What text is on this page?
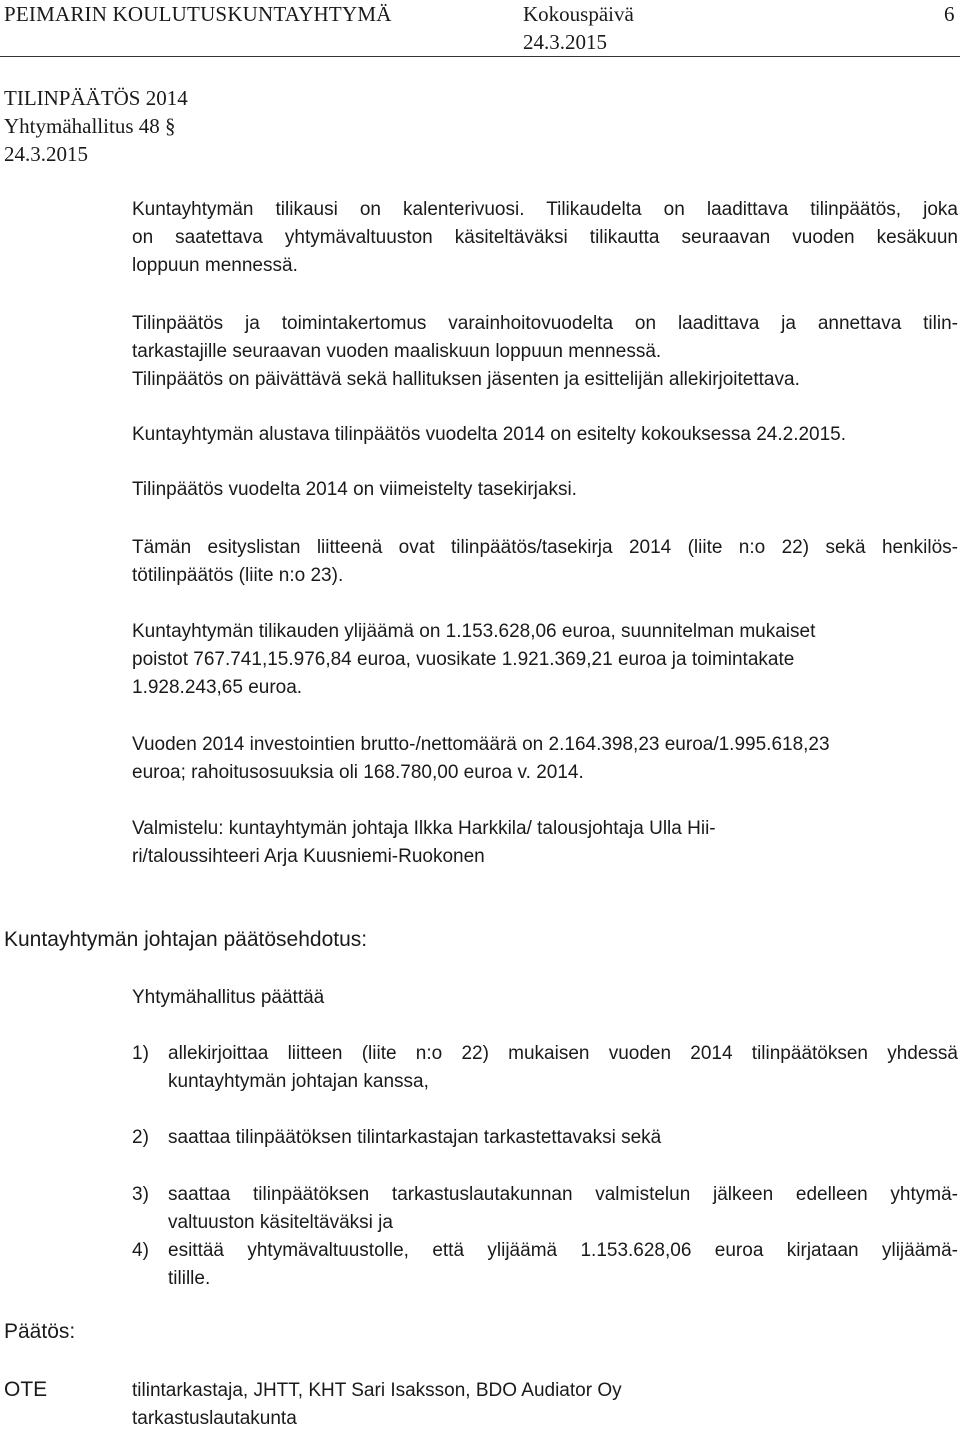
PEIMARIN KOULUTUSKUNTAYHTYMÄ	Kokouspäivä	6
24.3.2015
TILINPÄÄTÖS 2014
Yhtymähallitus 48 §
24.3.2015
Kuntayhtymän tilikausi on kalenterivuosi. Tilikaudelta on laadittava tilinpäätös, joka
on saatettava yhtymävaltuuston käsiteltäväksi tilikautta seuraavan vuoden kesäkuun
loppuun mennessä.
Tilinpäätös ja toimintakertomus varainhoitovuodelta on laadittava ja annettava tilin-
tarkastajille seuraavan vuoden maaliskuun loppuun mennessä.
Tilinpäätös on päivättävä sekä hallituksen jäsenten ja esittelijän allekirjoitettava.
Kuntayhtymän alustava tilinpäätös vuodelta 2014 on esitelty kokouksessa 24.2.2015.
Tilinpäätös vuodelta 2014 on viimeistelty tasekirjaksi.
Tämän esityslistan liitteenä ovat tilinpäätös/tasekirja 2014 (liite n:o 22) sekä henkilös-
tötilinpäätös (liite n:o 23).
Kuntayhtymän tilikauden ylijäämä on 1.153.628,06 euroa, suunnitelman mukaiset
poistot 767.741,15.976,84 euroa, vuosikate 1.921.369,21 euroa ja toimintakate
1.928.243,65 euroa.
Vuoden 2014 investointien brutto-/nettomäärä on 2.164.398,23 euroa/1.995.618,23
euroa; rahoitusosuuksia oli 168.780,00 euroa v. 2014.
Valmistelu: kuntayhtymän johtaja Ilkka Harkkila/ talousjohtaja Ulla Hii-
ri/taloussihteeri Arja Kuusniemi-Ruokonen
Kuntayhtymän johtajan päätösehdotus:
Yhtymähallitus päättää
1) allekirjoittaa liitteen (liite n:o 22) mukaisen vuoden 2014 tilinpäätöksen yhdessä
kuntayhtymän johtajan kanssa,
2) saattaa tilinpäätöksen tilintarkastajan tarkastettavaksi sekä
3) saattaa tilinpäätöksen tarkastuslautakunnan valmistelun jälkeen edelleen yhtymä-
valtuuston käsiteltäväksi ja
4) esittää yhtymävaltuustolle, että ylijäämä 1.153.628,06 euroa kirjataan ylijäämä-
tilille.
Päätös:
OTE	tilintarkastaja, JHTT, KHT Sari Isaksson, BDO Audiator Oy
tarkastuslautakunta
